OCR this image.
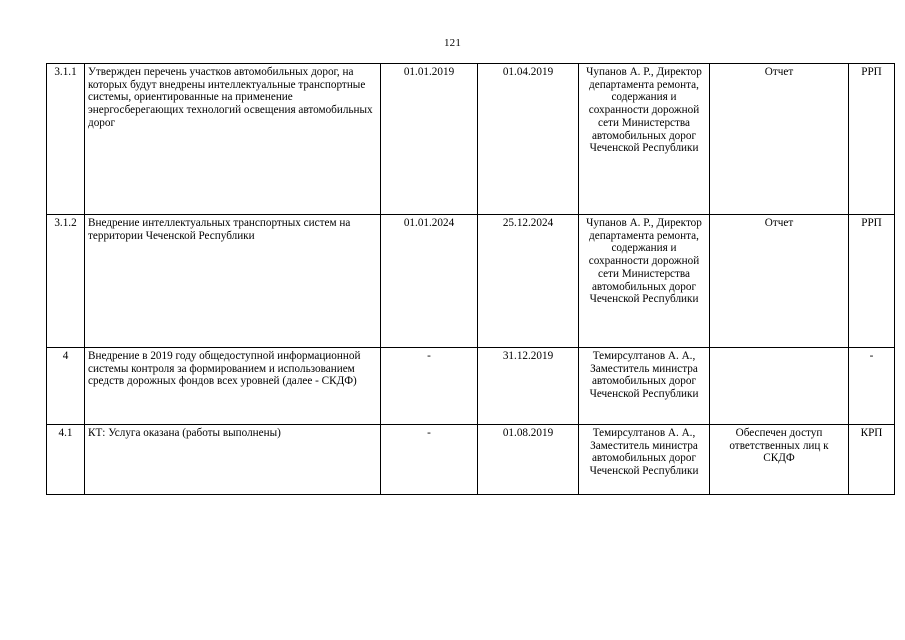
121
3.1.1	Утвержден перечень участков автомобильных дорог, на которых будут внедрены интеллектуальные транспортные системы, ориентированные на применение энергосберегающих технологий освещения автомобильных дорог	01.01.2019	01.04.2019	Чупанов А. Р., Директор департамента ремонта, содержания и сохранности дорожной сети Министерства автомобильных дорог Чеченской Республики	Отчет	РРП
3.1.2	Внедрение интеллектуальных транспортных систем на территории Чеченской Республики	01.01.2024	25.12.2024	Чупанов А. Р., Директор департамента ремонта, содержания и сохранности дорожной сети Министерства автомобильных дорог Чеченской Республики	Отчет	РРП
4	Внедрение в 2019 году общедоступной информационной системы контроля за формированием и использованием средств дорожных фондов всех уровней (далее - СКДФ)	-	31.12.2019	Темирсултанов А. А., Заместитель министра автомобильных дорог Чеченской Республики		-
4.1	КТ: Услуга оказана (работы выполнены)	-	01.08.2019	Темирсултанов А. А., Заместитель министра автомобильных дорог Чеченской Республики	Обеспечен доступ ответственных лиц к СКДФ	КРП
